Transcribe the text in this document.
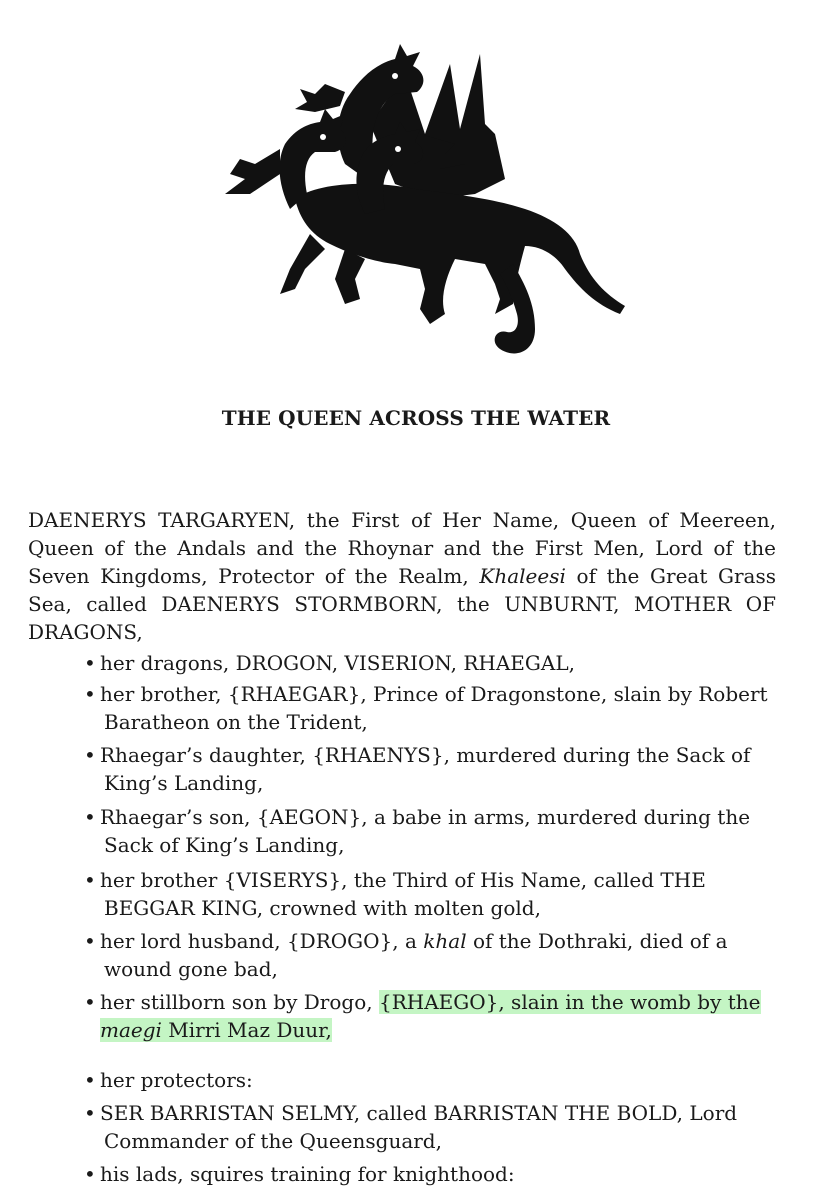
THE QUEEN ACROSS THE WATER

DAENERYS TARGARYEN, the First of Her Name, Queen of Meereen, Queen of the Andals and the Rhoynar and the First Men, Lord of the Seven Kingdoms, Protector of the Realm, Khaleesi of the Great Grass Sea, called DAENERYS STORMBORN, the UNBURNT, MOTHER OF DRAGONS,

• her dragons, DROGON, VISERION, RHAEGAL,
• her brother, {RHAEGAR}, Prince of Dragonstone, slain by Robert
Baratheon on the Trident,
• Rhaegar’s daughter, {RHAENYS}, murdered during the Sack of
King’s Landing,
• Rhaegar’s son, {AEGON}, a babe in arms, murdered during the
Sack of King’s Landing,
• her brother {VISERYS}, the Third of His Name, called THE
BEGGAR KING, crowned with molten gold,
• her lord husband, {DROGO}, a khal of the Dothraki, died of a
wound gone bad,
• her stillborn son by Drogo, {RHAEGO}, slain in the womb by the
maegi Mirri Maz Duur,
• her protectors:
• SER BARRISTAN SELMY, called BARRISTAN THE BOLD, Lord
Commander of the Queensguard,
• his lads, squires training for knighthood:
